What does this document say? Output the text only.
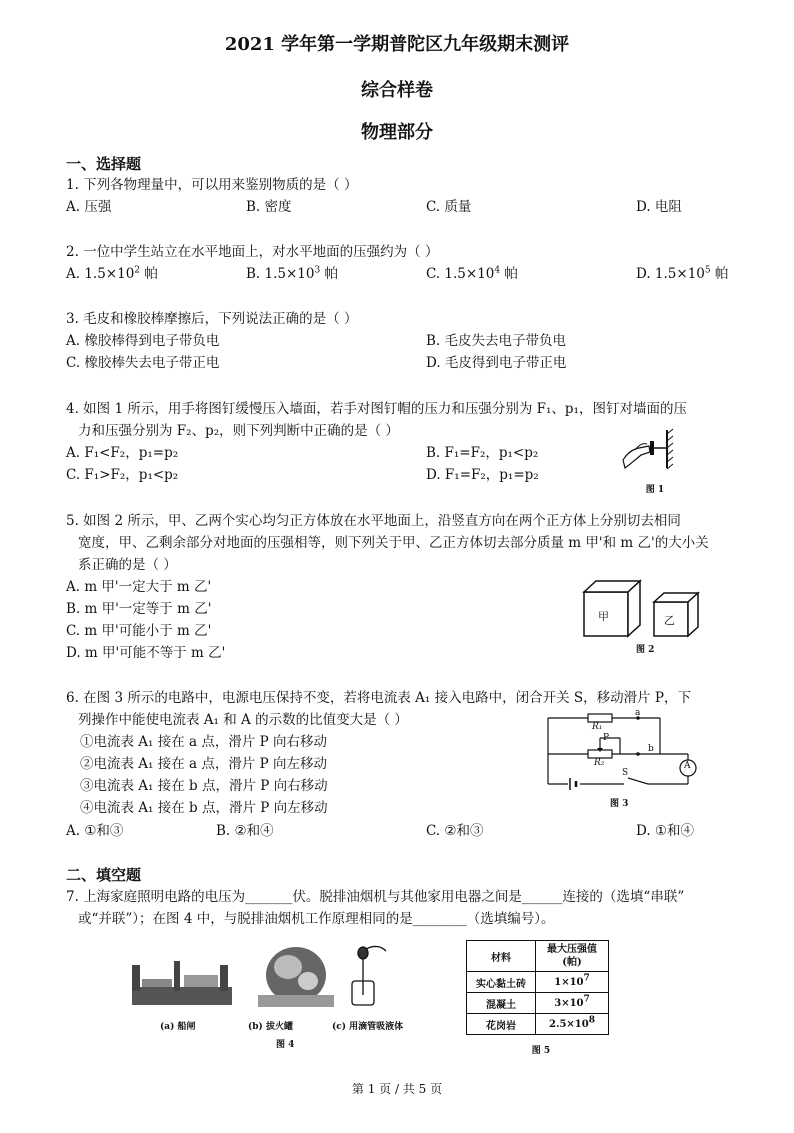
2021 学年第一学期普陀区九年级期末测评
综合样卷
物理部分
一、选择题
1. 下列各物理量中，可以用来鉴别物质的是（ ）
A. 压强	B. 密度	C. 质量	D. 电阻
2. 一位中学生站立在水平地面上，对水平地面的压强约为（ ）
A. $1.5\times 10^2$ 帕	B. $1.5\times 10^3$ 帕	C. $1.5\times 10^4$ 帕	D. $1.5\times 10^5$ 帕
3. 毛皮和橡胶棒摩擦后，下列说法正确的是（ ）
A. 橡胶棒得到电子带负电	B. 毛皮失去电子带负电
C. 橡胶棒失去电子带正电	D. 毛皮得到电子带正电
4. 如图 1 所示，用手将图钉缓慢压入墙面，若手对图钉帽的压力和压强分别为 F₁、p₁，图钉对墙面的压
力和压强分别为 F₂、p₂，则下列判断中正确的是（ ）
A. F₁<F₂，p₁=p₂	B. F₁=F₂，p₁<p₂
C. F₁>F₂，p₁<p₂	D. F₁=F₂，p₁=p₂
图 1
5. 如图 2 所示，甲、乙两个实心均匀正方体放在水平地面上，沿竖直方向在两个正方体上分别切去相同
宽度，甲、乙剩余部分对地面的压强相等，则下列关于甲、乙正方体切去部分质量 m 甲'和 m 乙'的大小关
系正确的是（ ）
A. m 甲'一定大于 m 乙'
B. m 甲'一定等于 m 乙'
C. m 甲'可能小于 m 乙'
D. m 甲'可能不等于 m 乙'
甲	乙
图 2
6. 在图 3 所示的电路中，电源电压保持不变，若将电流表 A₁ 接入电路中，闭合开关 S，移动滑片 P，下
列操作中能使电流表 A₁ 和 A 的示数的比值变大是（ ）
①电流表 A₁ 接在 a 点，滑片 P 向右移动
②电流表 A₁ 接在 a 点，滑片 P 向左移动
③电流表 A₁ 接在 b 点，滑片 P 向右移动
④电流表 A₁ 接在 b 点，滑片 P 向左移动
A. ①和③	B. ②和④	C. ②和③	D. ①和④
R₁
R₂
P
a
b
S
A
图 3
二、填空题
7. 上海家庭照明电路的电压为_______伏。脱排油烟机与其他家用电器之间是______连接的（选填“串联”
或“并联”）；在图 4 中，与脱排油烟机工作原理相同的是________（选填编号）。
(a) 船闸	(b) 拔火罐	(c) 用滴管吸液体
图 4
材料	最大压强值
(帕)
实心黏土砖	$1\times 10^7$
混凝土	$3\times 10^7$
花岗岩	$2.5\times 10^8$
图 5
第 1 页 / 共 5 页
